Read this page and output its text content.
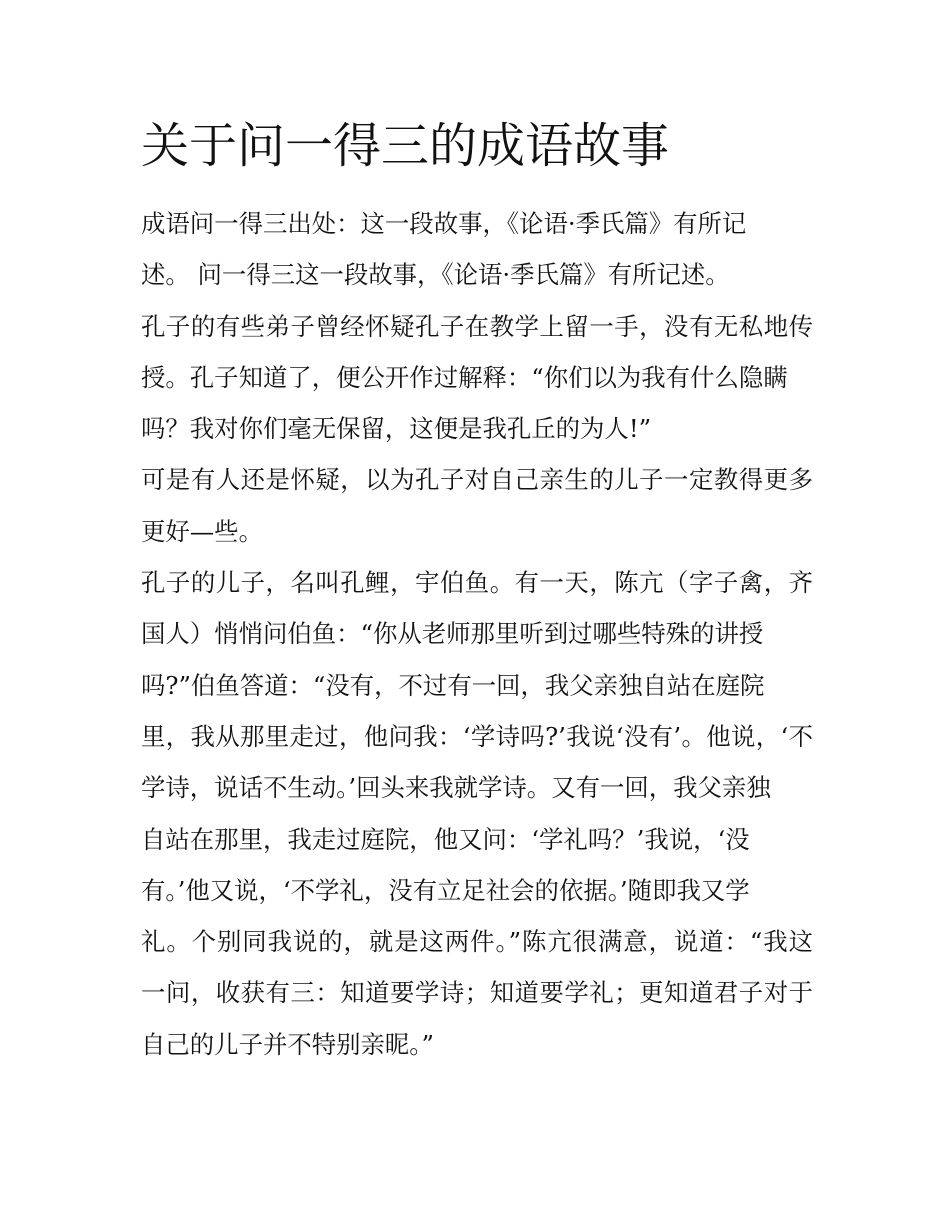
关于问一得三的成语故事
成语问一得三出处：这一段故事，《论语·季氏篇》有所记
述。 问一得三这一段故事，《论语·季氏篇》有所记述。
孔子的有些弟子曾经怀疑孔子在教学上留一手，没有无私地传
授。孔子知道了，便公开作过解释：“你们以为我有什么隐瞒
吗？我对你们毫无保留，这便是我孔丘的为人!”
可是有人还是怀疑，以为孔子对自己亲生的儿子一定教得更多
更好—些。
孔子的儿子，名叫孔鲤，宇伯鱼。有一天，陈亢（字子禽，齐
国人）悄悄问伯鱼：“你从老师那里听到过哪些特殊的讲授
吗?”伯鱼答道：“没有，不过有一回，我父亲独自站在庭院
里，我从那里走过，他问我：‘学诗吗?’我说‘没有’。他说，‘不
学诗，说话不生动。’回头来我就学诗。又有一回，我父亲独
自站在那里，我走过庭院，他又问：‘学礼吗？’我说，‘没
有。’他又说，‘不学礼，没有立足社会的依据。’随即我又学
礼。个别同我说的，就是这两件。”陈亢很满意，说道：“我这
一问，收获有三：知道要学诗；知道要学礼；更知道君子对于
自己的儿子并不特别亲昵。”
